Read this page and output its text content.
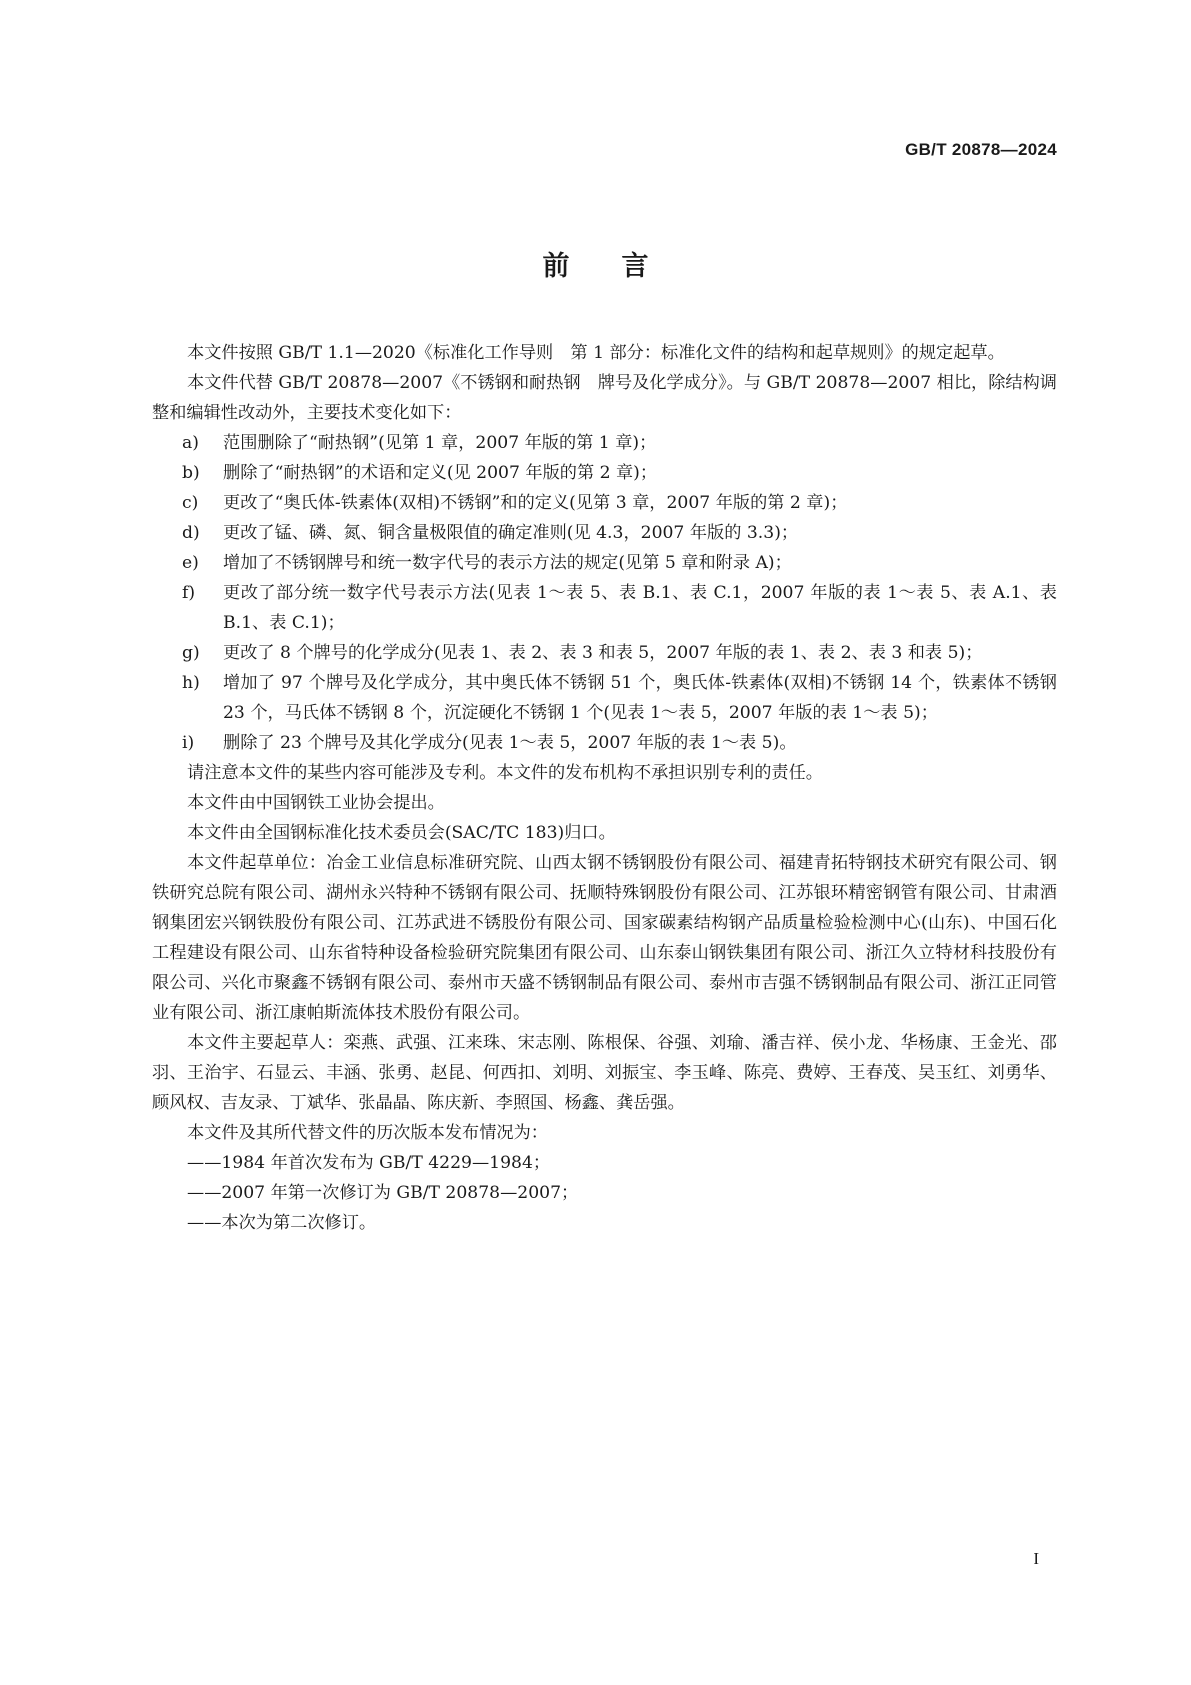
GB/T 20878—2024
前言

本文件按照 GB/T 1.1—2020《标准化工作导则　第 1 部分：标准化文件的结构和起草规则》的规定起草。

本文件代替 GB/T 20878—2007《不锈钢和耐热钢　牌号及化学成分》。与 GB/T 20878—2007 相比，除结构调整和编辑性改动外，主要技术变化如下：

a) 范围删除了“耐热钢”(见第 1 章，2007 年版的第 1 章)；

b) 删除了“耐热钢”的术语和定义(见 2007 年版的第 2 章)；

c) 更改了“奥氏体-铁素体(双相)不锈钢”和的定义(见第 3 章，2007 年版的第 2 章)；

d) 更改了锰、磷、氮、铜含量极限值的确定准则(见 4.3，2007 年版的 3.3)；

e) 增加了不锈钢牌号和统一数字代号的表示方法的规定(见第 5 章和附录 A)；

f) 更改了部分统一数字代号表示方法(见表 1～表 5、表 B.1、表 C.1，2007 年版的表 1～表 5、表 A.1、表 B.1、表 C.1)；

g) 更改了 8 个牌号的化学成分(见表 1、表 2、表 3 和表 5，2007 年版的表 1、表 2、表 3 和表 5)；

h) 增加了 97 个牌号及化学成分，其中奥氏体不锈钢 51 个，奥氏体-铁素体(双相)不锈钢 14 个，铁素体不锈钢 23 个，马氏体不锈钢 8 个，沉淀硬化不锈钢 1 个(见表 1～表 5，2007 年版的表 1～表 5)；

i) 删除了 23 个牌号及其化学成分(见表 1～表 5，2007 年版的表 1～表 5)。

请注意本文件的某些内容可能涉及专利。本文件的发布机构不承担识别专利的责任。

本文件由中国钢铁工业协会提出。

本文件由全国钢标准化技术委员会(SAC/TC 183)归口。

本文件起草单位：冶金工业信息标准研究院、山西太钢不锈钢股份有限公司、福建青拓特钢技术研究有限公司、钢铁研究总院有限公司、湖州永兴特种不锈钢有限公司、抚顺特殊钢股份有限公司、江苏银环精密钢管有限公司、甘肃酒钢集团宏兴钢铁股份有限公司、江苏武进不锈股份有限公司、国家碳素结构钢产品质量检验检测中心(山东)、中国石化工程建设有限公司、山东省特种设备检验研究院集团有限公司、山东泰山钢铁集团有限公司、浙江久立特材科技股份有限公司、兴化市聚鑫不锈钢有限公司、泰州市天盛不锈钢制品有限公司、泰州市吉强不锈钢制品有限公司、浙江正同管业有限公司、浙江康帕斯流体技术股份有限公司。

本文件主要起草人：栾燕、武强、江来珠、宋志刚、陈根保、谷强、刘瑜、潘吉祥、侯小龙、华杨康、王金光、邵羽、王治宇、石显云、丰涵、张勇、赵昆、何西扣、刘明、刘振宝、李玉峰、陈亮、费婷、王春茂、吴玉红、刘勇华、顾风权、吉友录、丁斌华、张晶晶、陈庆新、李照国、杨鑫、龚岳强。

本文件及其所代替文件的历次版本发布情况为：

——1984 年首次发布为 GB/T 4229—1984；

——2007 年第一次修订为 GB/T 20878—2007；

——本次为第二次修订。

I
